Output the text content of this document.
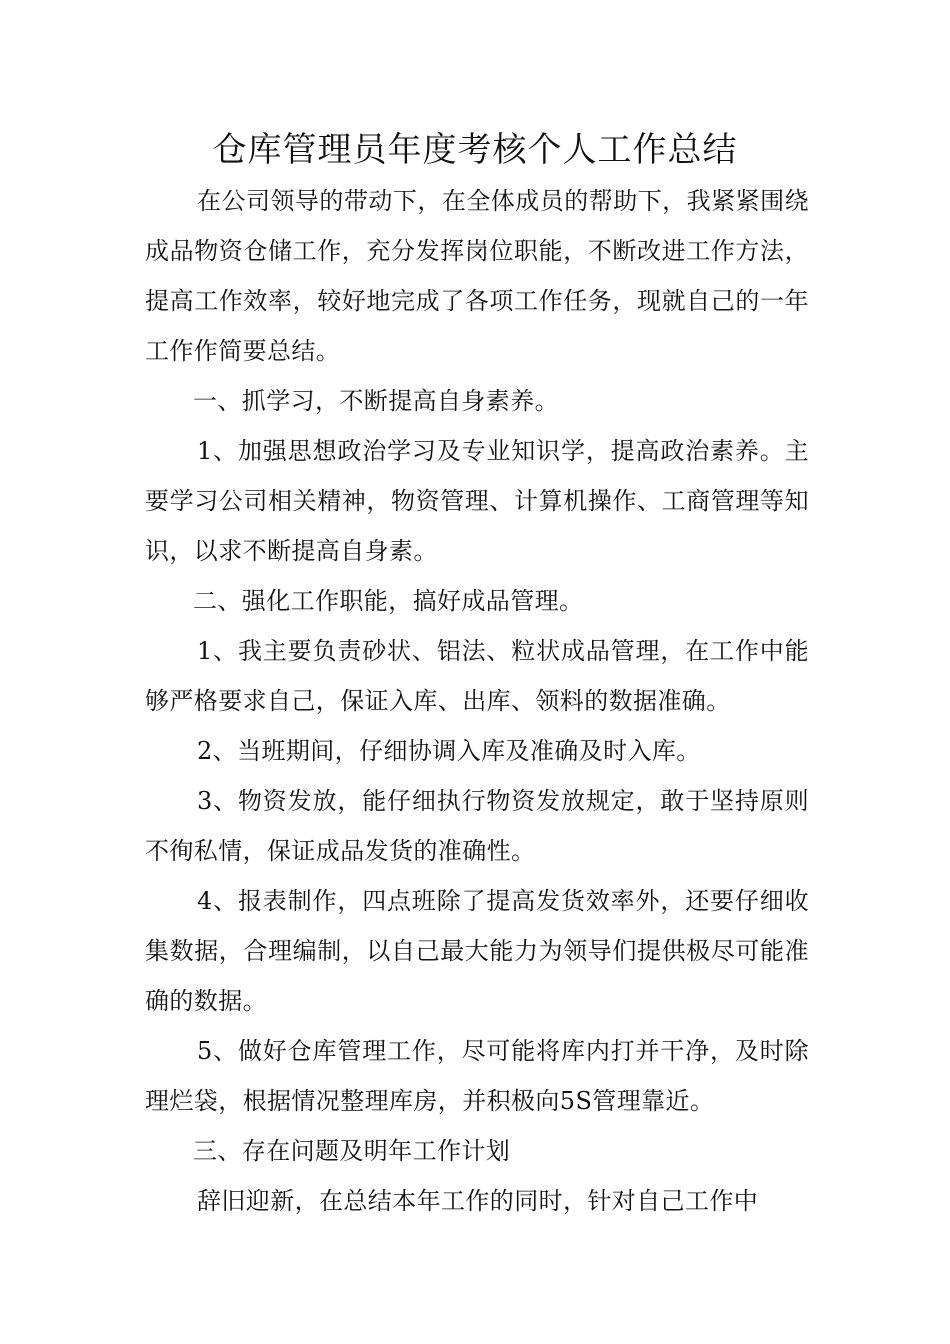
仓库管理员年度考核个人工作总结

在公司领导的带动下，在全体成员的帮助下，我紧紧围绕成品物资仓储工作，充分发挥岗位职能，不断改进工作方法，提高工作效率，较好地完成了各项工作任务，现就自己的一年工作作简要总结。

一、抓学习，不断提高自身素养。

1、加强思想政治学习及专业知识学，提高政治素养。主要学习公司相关精神，物资管理、计算机操作、工商管理等知识，以求不断提高自身素。

二、强化工作职能，搞好成品管理。

1、我主要负责砂状、铝法、粒状成品管理，在工作中能够严格要求自己，保证入库、出库、领料的数据准确。

2、当班期间，仔细协调入库及准确及时入库。

3、物资发放，能仔细执行物资发放规定，敢于坚持原则不徇私情，保证成品发货的准确性。

4、报表制作，四点班除了提高发货效率外，还要仔细收集数据，合理编制，以自己最大能力为领导们提供极尽可能准确的数据。

5、做好仓库管理工作，尽可能将库内打并干净，及时除理烂袋，根据情况整理库房，并积极向5S管理靠近。

三、存在问题及明年工作计划

辞旧迎新，在总结本年工作的同时，针对自己工作中
